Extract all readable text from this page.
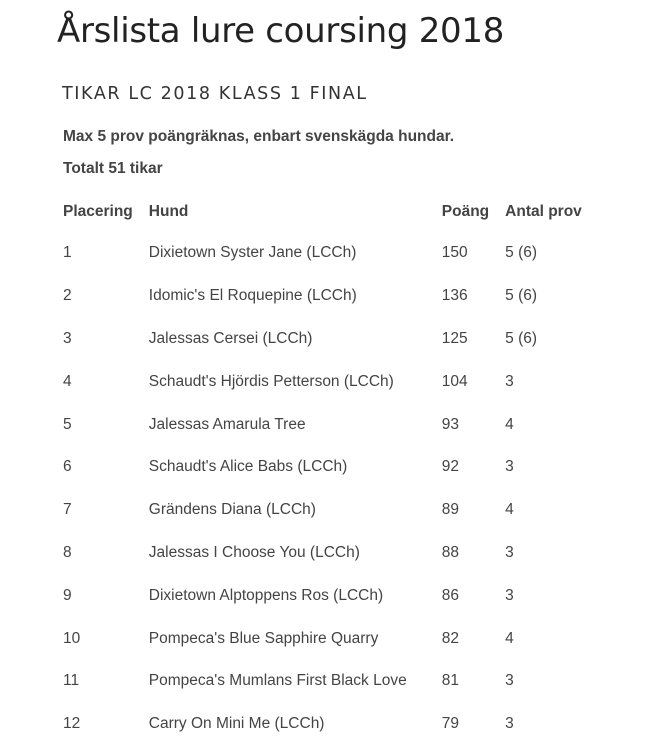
Årslista lure coursing 2018
TIKAR LC 2018 KLASS 1 FINAL

Max 5 prov poängräknas, enbart svenskägda hundar.

Totalt 51 tikar

Placering	Hund	Poäng	Antal prov
1	Dixietown Syster Jane (LCCh)	150	5 (6)
2	Idomic's El Roquepine (LCCh)	136	5 (6)
3	Jalessas Cersei (LCCh)	125	5 (6)
4	Schaudt's Hjördis Petterson (LCCh)	104	3
5	Jalessas Amarula Tree	93	4
6	Schaudt's Alice Babs (LCCh)	92	3
7	Grändens Diana (LCCh)	89	4
8	Jalessas I Choose You (LCCh)	88	3
9	Dixietown Alptoppens Ros (LCCh)	86	3
10	Pompeca's Blue Sapphire Quarry	82	4
11	Pompeca's Mumlans First Black Love	81	3
12	Carry On Mini Me (LCCh)	79	3
